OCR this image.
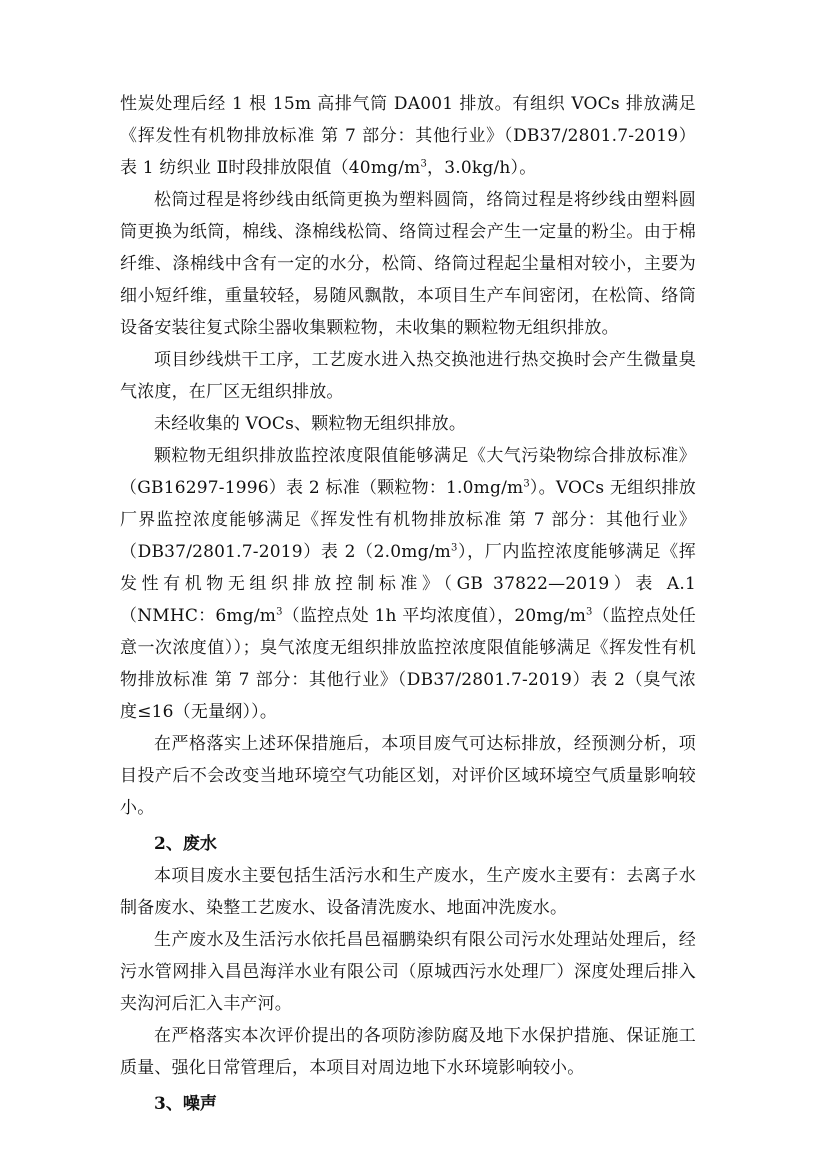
性炭处理后经 1 根 15m 高排气筒 DA001 排放。有组织 VOCs 排放满足《挥发性有机物排放标准 第 7 部分：其他行业》（DB37/2801.7-2019）表 1 纺织业 Ⅱ时段排放限值（$40mg/m^3$，3.0kg/h）。

松筒过程是将纱线由纸筒更换为塑料圆筒，络筒过程是将纱线由塑料圆筒更换为纸筒，棉线、涤棉线松筒、络筒过程会产生一定量的粉尘。由于棉纤维、涤棉线中含有一定的水分，松筒、络筒过程起尘量相对较小，主要为细小短纤维，重量较轻，易随风飘散，本项目生产车间密闭，在松筒、络筒设备安装往复式除尘器收集颗粒物，未收集的颗粒物无组织排放。

项目纱线烘干工序，工艺废水进入热交换池进行热交换时会产生微量臭气浓度，在厂区无组织排放。

未经收集的 VOCs、颗粒物无组织排放。

颗粒物无组织排放监控浓度限值能够满足《大气污染物综合排放标准》（GB16297-1996）表 2 标准（颗粒物：$1.0mg/m^3$）。VOCs 无组织排放厂界监控浓度能够满足《挥发性有机物排放标准 第 7 部分：其他行业》（DB37/2801.7-2019）表 $2(2.0mg/m^3)$，厂内监控浓度能够满足《挥发性有机物无组织排放控制标准》（GB 37822—2019）表 A.1（NMHC：$6mg/m^3$（监控点处 1h 平均浓度值），$20mg/m^3$（监控点处任意一次浓度值））；臭气浓度无组织排放监控浓度限值能够满足《挥发性有机物排放标准 第 7 部分：其他行业》（DB37/2801.7-2019）表 2（臭气浓度≤16（无量纲））。

在严格落实上述环保措施后，本项目废气可达标排放，经预测分析，项目投产后不会改变当地环境空气功能区划，对评价区域环境空气质量影响较小。

2、废水

本项目废水主要包括生活污水和生产废水，生产废水主要有：去离子水制备废水、染整工艺废水、设备清洗废水、地面冲洗废水。

生产废水及生活污水依托昌邑福鹏染织有限公司污水处理站处理后，经污水管网排入昌邑海洋水业有限公司（原城西污水处理厂）深度处理后排入夹沟河后汇入丰产河。

在严格落实本次评价提出的各项防渗防腐及地下水保护措施、保证施工质量、强化日常管理后，本项目对周边地下水环境影响较小。

3、噪声
